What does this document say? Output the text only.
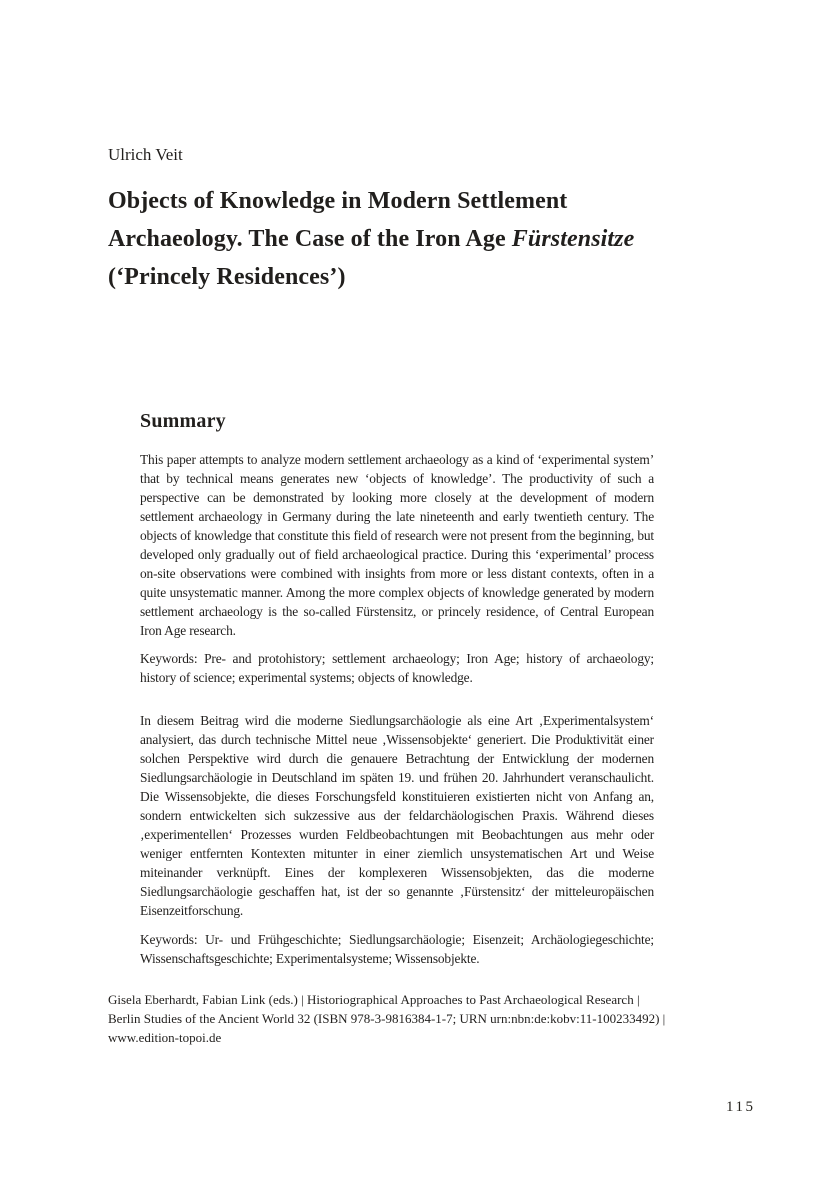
Ulrich Veit
Objects of Knowledge in Modern Settlement
Archaeology. The Case of the Iron Age Fürstensitze
(‘Princely Residences’)
Summary

This paper attempts to analyze modern settlement archaeology as a kind of ‘experimental system’ that by technical means generates new ‘objects of knowledge’. The productivity of such a perspective can be demonstrated by looking more closely at the development of modern settlement archaeology in Germany during the late nineteenth and early twentieth century. The objects of knowledge that constitute this field of research were not present from the beginning, but developed only gradually out of field archaeological practice. During this ‘experimental’ process on-site observations were combined with insights from more or less distant contexts, often in a quite unsystematic manner. Among the more complex objects of knowledge generated by modern settlement archaeology is the so-called Fürstensitz, or princely residence, of Central European Iron Age research.

Keywords: Pre- and protohistory; settlement archaeology; Iron Age; history of archaeology; history of science; experimental systems; objects of knowledge.

In diesem Beitrag wird die moderne Siedlungsarchäologie als eine Art ‚Experimentalsystem‘ analysiert, das durch technische Mittel neue ‚Wissensobjekte‘ generiert. Die Produktivität einer solchen Perspektive wird durch die genauere Betrachtung der Entwicklung der modernen Siedlungsarchäologie in Deutschland im späten 19. und frühen 20. Jahrhundert veranschaulicht. Die Wissensobjekte, die dieses Forschungsfeld konstituieren existierten nicht von Anfang an, sondern entwickelten sich sukzessive aus der feldarchäologischen Praxis. Während dieses ‚experimentellen‘ Prozesses wurden Feldbeobachtungen mit Beobachtungen aus mehr oder weniger entfernten Kontexten mitunter in einer ziemlich unsystematischen Art und Weise miteinander verknüpft. Eines der komplexeren Wissensobjekten, das die moderne Siedlungsarchäologie geschaffen hat, ist der so genannte ‚Fürstensitz‘ der mitteleuropäischen Eisenzeitforschung.

Keywords: Ur- und Frühgeschichte; Siedlungsarchäologie; Eisenzeit; Archäologiegeschichte; Wissenschaftsgeschichte; Experimentalsysteme; Wissensobjekte.

Gisela Eberhardt, Fabian Link (eds.) | Historiographical Approaches to Past Archaeological Research | Berlin Studies of the Ancient World 32 (ISBN 978-3-9816384-1-7; URN urn:nbn:de:kobv:11-100233492) | www.edition-topoi.de
115
